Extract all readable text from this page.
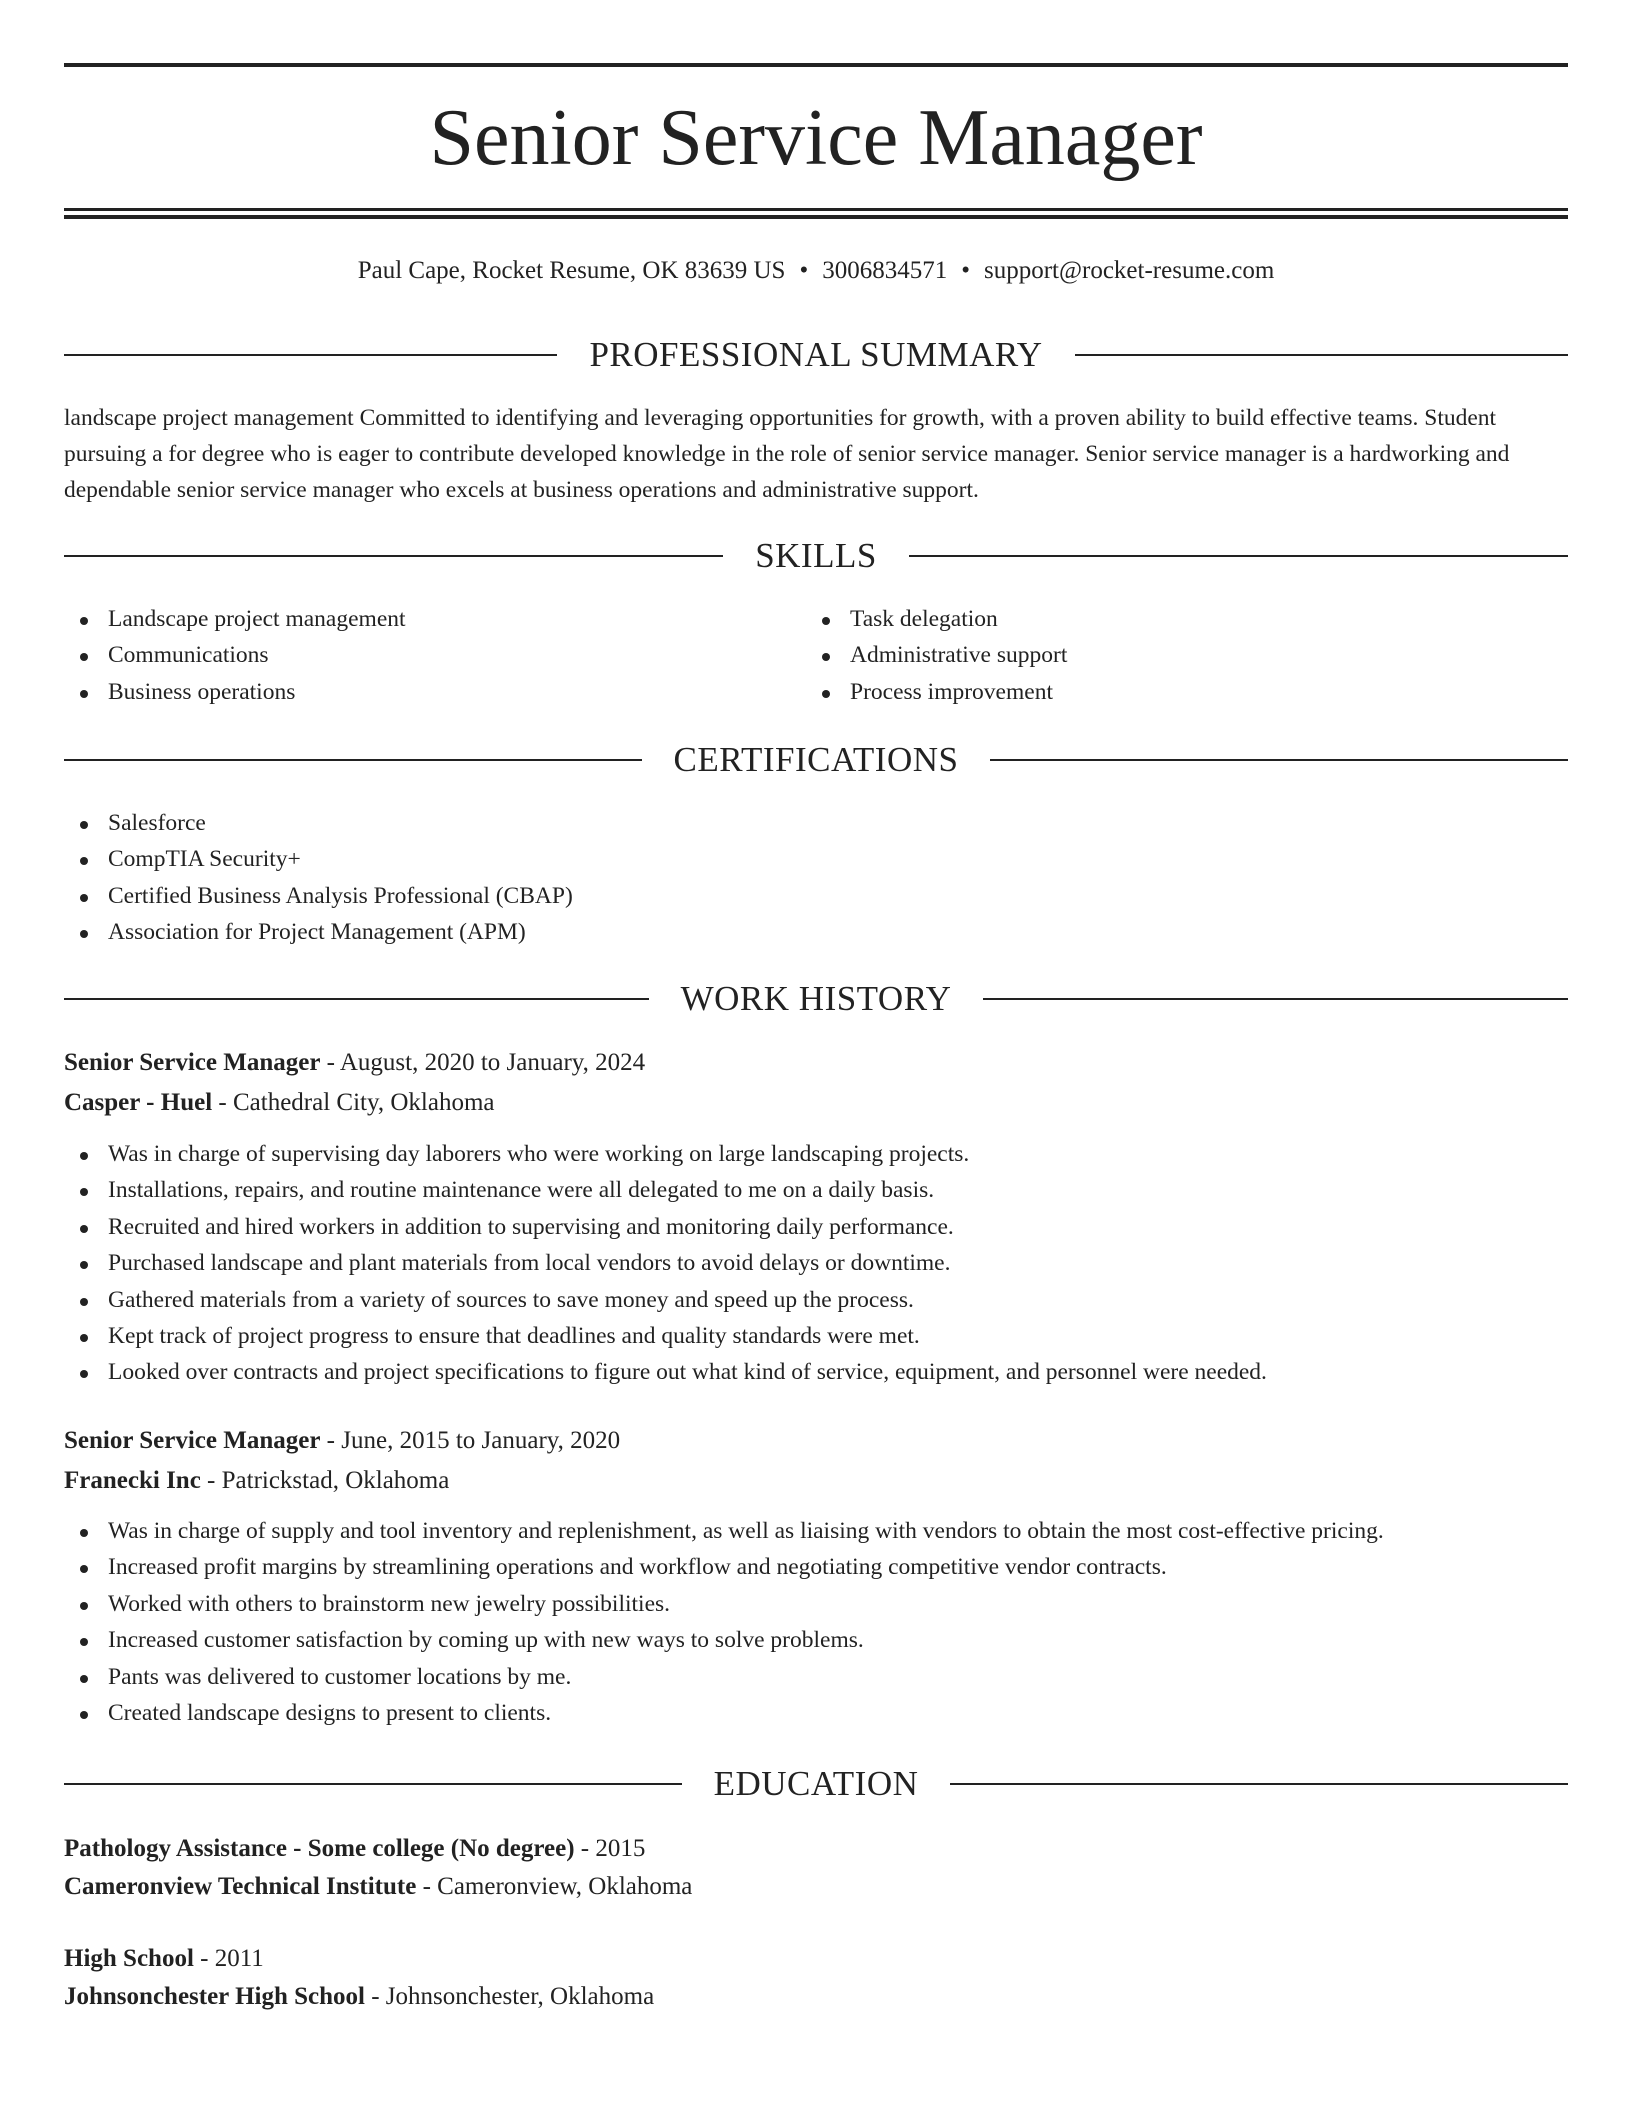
Senior Service Manager
Paul Cape, Rocket Resume, OK 83639 US • 3006834571 • support@rocket-resume.com
PROFESSIONAL SUMMARY
landscape project management Committed to identifying and leveraging opportunities for growth, with a proven ability to build effective teams. Student pursuing a for degree who is eager to contribute developed knowledge in the role of senior service manager. Senior service manager is a hardworking and dependable senior service manager who excels at business operations and administrative support.
SKILLS
Landscape project management
Communications
Business operations
Task delegation
Administrative support
Process improvement
CERTIFICATIONS
Salesforce
CompTIA Security+
Certified Business Analysis Professional (CBAP)
Association for Project Management (APM)
WORK HISTORY
Senior Service Manager - August, 2020 to January, 2024
Casper - Huel - Cathedral City, Oklahoma
Was in charge of supervising day laborers who were working on large landscaping projects.
Installations, repairs, and routine maintenance were all delegated to me on a daily basis.
Recruited and hired workers in addition to supervising and monitoring daily performance.
Purchased landscape and plant materials from local vendors to avoid delays or downtime.
Gathered materials from a variety of sources to save money and speed up the process.
Kept track of project progress to ensure that deadlines and quality standards were met.
Looked over contracts and project specifications to figure out what kind of service, equipment, and personnel were needed.
Senior Service Manager - June, 2015 to January, 2020
Franecki Inc - Patrickstad, Oklahoma
Was in charge of supply and tool inventory and replenishment, as well as liaising with vendors to obtain the most cost-effective pricing.
Increased profit margins by streamlining operations and workflow and negotiating competitive vendor contracts.
Worked with others to brainstorm new jewelry possibilities.
Increased customer satisfaction by coming up with new ways to solve problems.
Pants was delivered to customer locations by me.
Created landscape designs to present to clients.
EDUCATION
Pathology Assistance - Some college (No degree) - 2015
Cameronview Technical Institute - Cameronview, Oklahoma
High School - 2011
Johnsonchester High School - Johnsonchester, Oklahoma
